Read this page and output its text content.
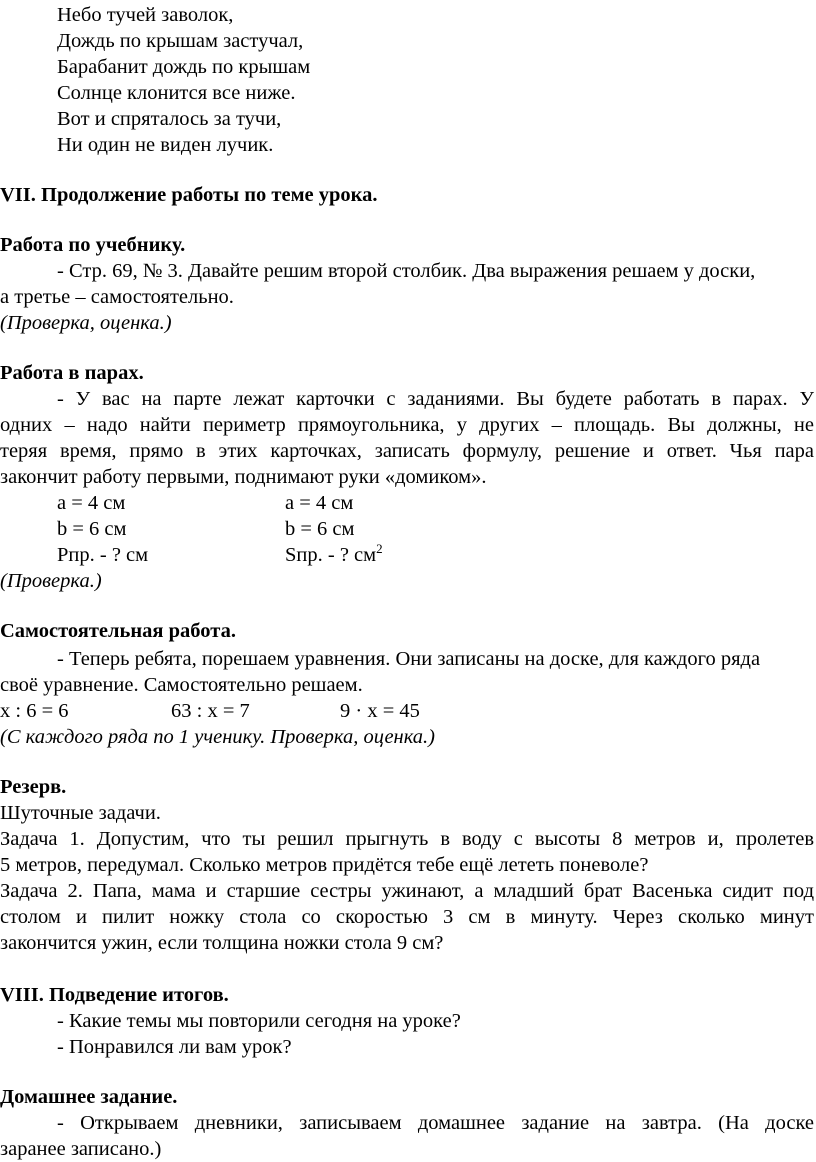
Небо тучей заволок,
Дождь по крышам застучал,
Барабанит дождь по крышам
Солнце клонится все ниже.
Вот и спряталось за тучи,
Ни один не виден лучик.
VII. Продолжение работы по теме урока.
Работа по учебнику.
- Стр. 69, № 3. Давайте решим второй столбик. Два выражения решаем у доски,
а третье – самостоятельно.
(Проверка, оценка.)
Работа в парах.
- У вас на парте лежат карточки с заданиями. Вы будете работать в парах. У
одних – надо найти периметр прямоугольника, у других – площадь. Вы должны, не
теряя время, прямо в этих карточках, записать формулу, решение и ответ. Чья пара
закончит работу первыми, поднимают руки «домиком».
a = 4 см	a = 4 см
b = 6 см	b = 6 см
Рпр. - ? см	Sпр. - ? $см^2$
(Проверка.)
Самостоятельная работа.
- Теперь ребята, порешаем уравнения. Они записаны на доске, для каждого ряда
своё уравнение. Самостоятельно решаем.
x : 6 = 6	63 : x = 7	9 · x = 45
(С каждого ряда по 1 ученику. Проверка, оценка.)
Резерв.
Шуточные задачи.
Задача 1. Допустим, что ты решил прыгнуть в воду с высоты 8 метров и, пролетев
5 метров, передумал. Сколько метров придётся тебе ещё лететь поневоле?
Задача 2. Папа, мама и старшие сестры ужинают, а младший брат Васенька сидит под
столом и пилит ножку стола со скоростью 3 см в минуту. Через сколько минут
закончится ужин, если толщина ножки стола 9 см?
VIII. Подведение итогов.
- Какие темы мы повторили сегодня на уроке?
- Понравился ли вам урок?
Домашнее задание.
- Открываем дневники, записываем домашнее задание на завтра. (На доске
заранее записано.)
